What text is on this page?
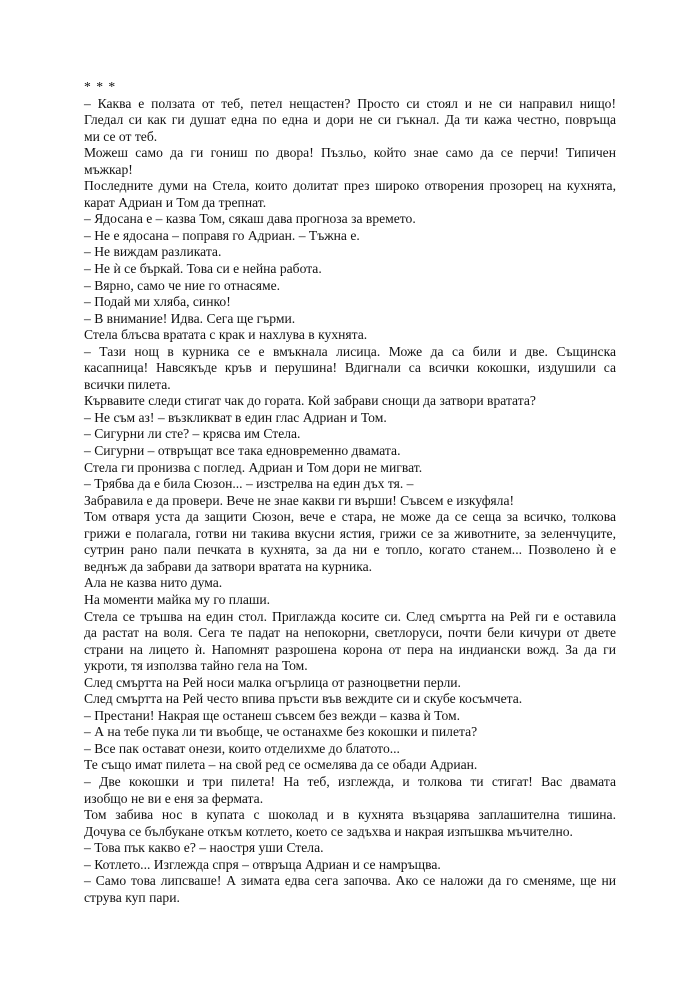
* * *
– Каква е ползата от теб, петел нещастен? Просто си стоял и не си направил нищо!
Гледал си как ги душат една по една и дори не си гъкнал. Да ти кажа честно, повръща
ми се от теб.
Можеш само да ги гониш по двора! Пъзльо, който знае само да се перчи! Типичен
мъжкар!
Последните думи на Стела, които долитат през широко отворения прозорец на кухнята,
карат Адриан и Том да трепнат.
– Ядосана е – казва Том, сякаш дава прогноза за времето.
– Не е ядосана – поправя го Адриан. – Тъжна е.
– Не виждам разликата.
– Не ѝ се бъркай. Това си е нейна работа.
– Вярно, само че ние го отнасяме.
– Подай ми хляба, синко!
– В внимание! Идва. Сега ще гърми.
Стела блъсва вратата с крак и нахлува в кухнята.
– Тази нощ в курника се е вмъкнала лисица. Може да са били и две. Същинска
касапница! Навсякъде кръв и перушина! Вдигнали са всички кокошки, издушили са
всички пилета.
Кървавите следи стигат чак до гората. Кой забрави снощи да затвори вратата?
– Не съм аз! – възкликват в един глас Адриан и Том.
– Сигурни ли сте? – крясва им Стела.
– Сигурни – отвръщат все така едновременно двамата.
Стела ги пронизва с поглед. Адриан и Том дори не мигват.
– Трябва да е била Сюзон... – изстрелва на един дъх тя. –
Забравила е да провери. Вече не знае какви ги върши! Съвсем е изкуфяла!
Том отваря уста да защити Сюзон, вече е стара, не може да се сеща за всичко, толкова
грижи е полагала, готви ни такива вкусни ястия, грижи се за животните, за зеленчуците,
сутрин рано пали печката в кухнята, за да ни е топло, когато станем... Позволено ѝ е
веднъж да забрави да затвори вратата на курника.
Ала не казва нито дума.
На моменти майка му го плаши.
Стела се тръшва на един стол. Приглажда косите си. След смъртта на Рей ги е оставила
да растат на воля. Сега те падат на непокорни, светлоруси, почти бели кичури от двете
страни на лицето ѝ. Напомнят разрошена корона от пера на индиански вожд. За да ги
укроти, тя използва тайно гела на Том.
След смъртта на Рей носи малка огърлица от разноцветни перли.
След смъртта на Рей често впива пръсти във веждите си и скубе косъмчета.
– Престани! Накрая ще останеш съвсем без вежди – казва ѝ Том.
– А на тебе пука ли ти въобще, че останахме без кокошки и пилета?
– Все пак остават онези, които отделихме до блатото...
Те също имат пилета – на свой ред се осмелява да се обади Адриан.
– Две кокошки и три пилета! На теб, изглежда, и толкова ти стигат! Вас двамата
изобщо не ви е еня за фермата.
Том забива нос в купата с шоколад и в кухнята възцарява заплашителна тишина.
Дочува се бълбукане откъм котлето, което се задъхва и накрая изпъшква мъчително.
– Това пък какво е? – наостря уши Стела.
– Котлето... Изглежда спря – отвръща Адриан и се намръщва.
– Само това липсваше! А зимата едва сега започва. Ако се наложи да го сменяме, ще ни
струва куп пари.
